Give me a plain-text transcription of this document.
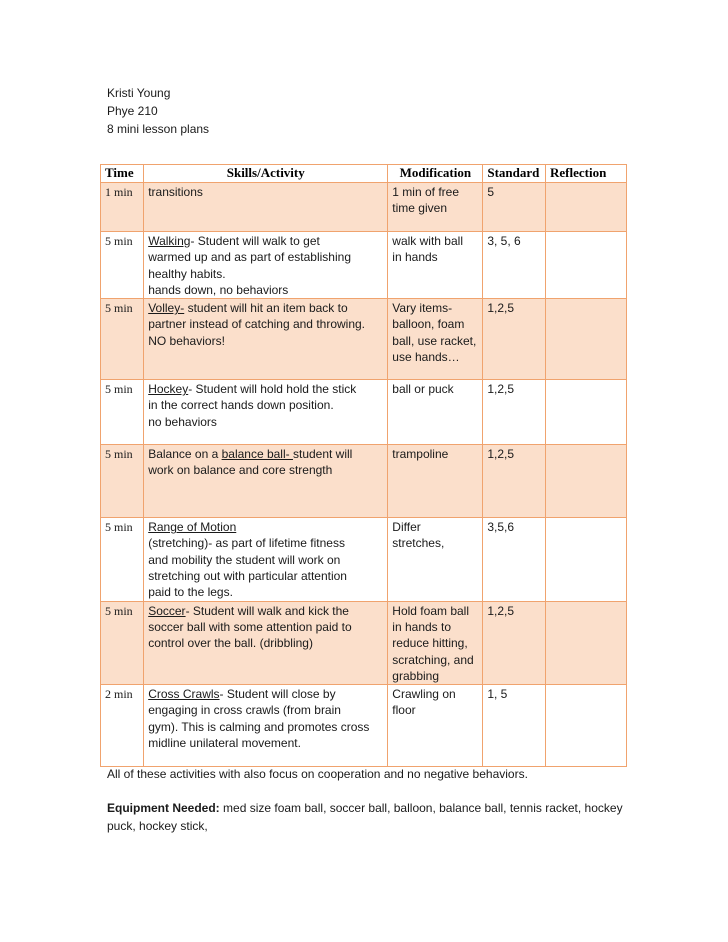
Kristi Young
Phye 210
8 mini lesson plans
Time	Skills/Activity	Modification	Standard	Reflection
1 min	transitions	1 min of free
time given	5	
5 min	Walking- Student will walk to get
warmed up and as part of establishing
healthy habits.
hands down, no behaviors	walk with ball
in hands	3, 5, 6	
5 min	Volley- student will hit an item back to
partner instead of catching and throwing.
NO behaviors!	Vary items-
balloon, foam
ball, use racket,
use hands…	1,2,5	
5 min	Hockey- Student will hold hold the stick
in the correct hands down position.
no behaviors	ball or puck	1,2,5	
5 min	Balance on a balance ball- student will
work on balance and core strength	trampoline	1,2,5	
5 min	Range of Motion
(stretching)- as part of lifetime fitness
and mobility the student will work on
stretching out with particular attention
paid to the legs.	Differ
stretches,	3,5,6	
5 min	Soccer- Student will walk and kick the
soccer ball with some attention paid to
control over the ball. (dribbling)	Hold foam ball
in hands to
reduce hitting,
scratching, and
grabbing	1,2,5	
2 min	Cross Crawls- Student will close by
engaging in cross crawls (from brain
gym). This is calming and promotes cross
midline unilateral movement.	Crawling on
floor	1, 5	
All of these activities with also focus on cooperation and no negative behaviors.
Equipment Needed: med size foam ball, soccer ball, balloon, balance ball, tennis racket, hockey puck, hockey stick,
